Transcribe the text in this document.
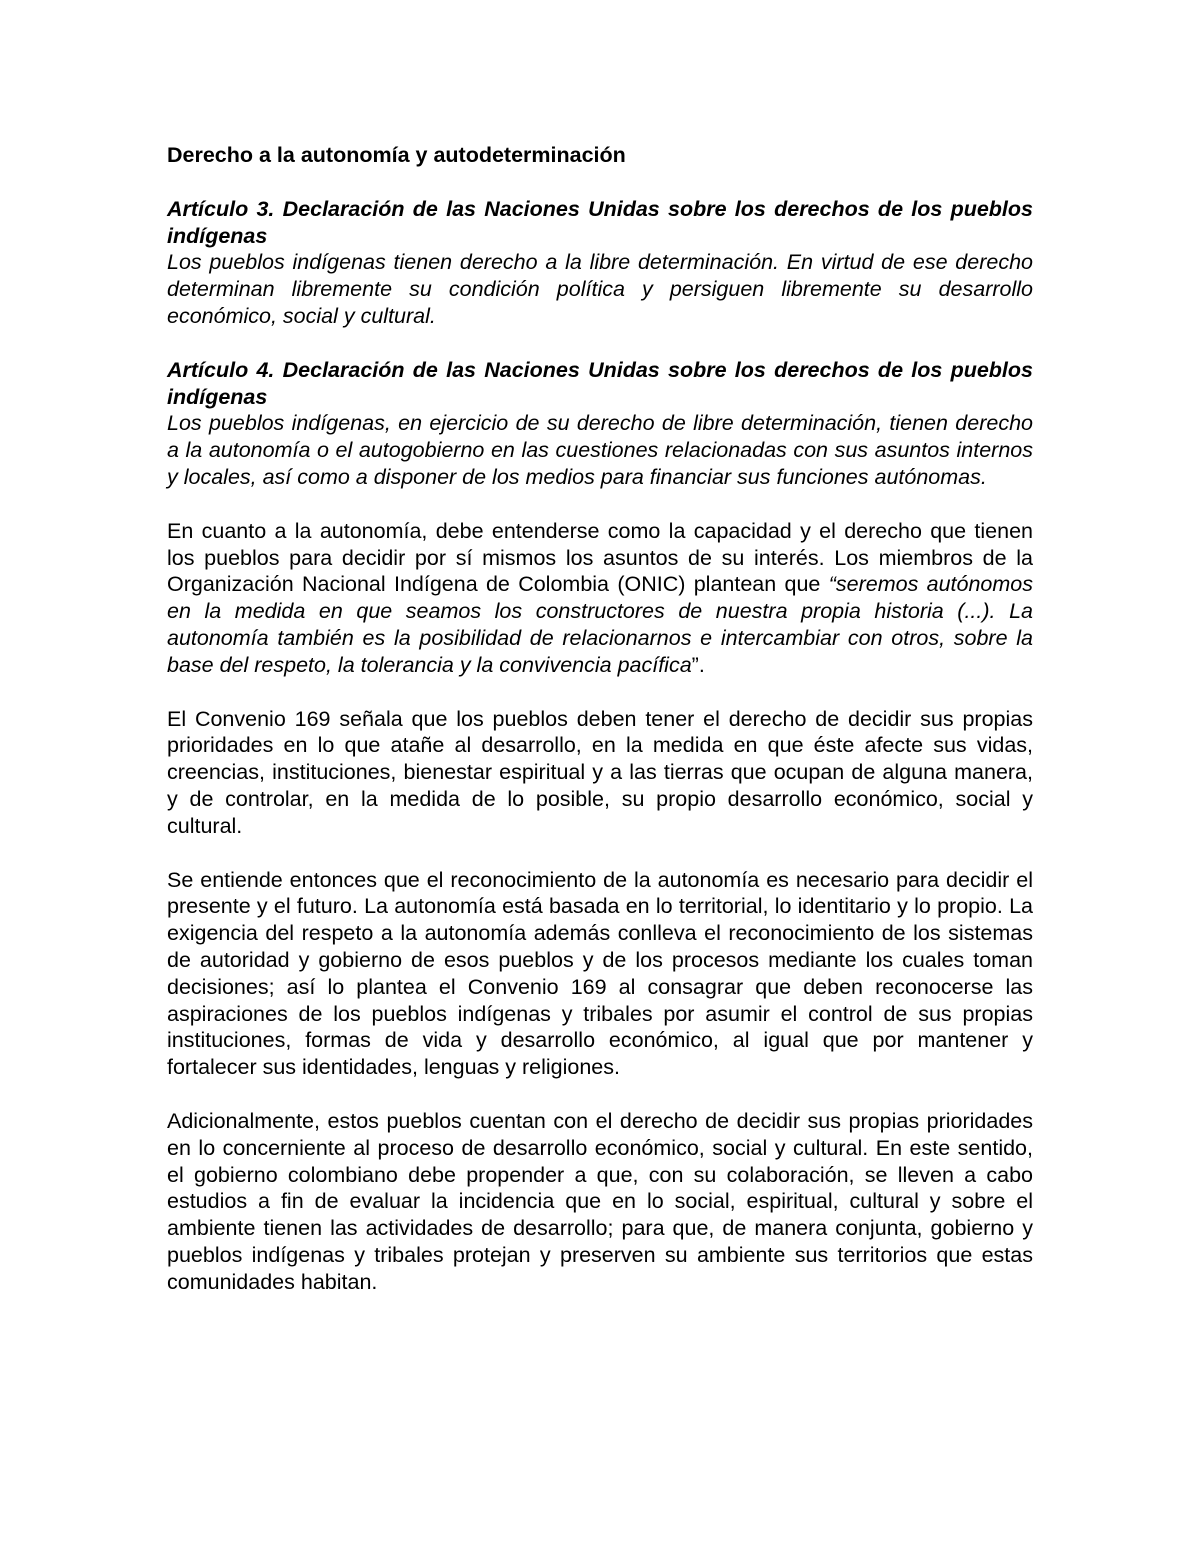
Derecho a la autonomía y autodeterminación
Artículo 3. Declaración de las Naciones Unidas sobre los derechos de los pueblos indígenas
Los pueblos indígenas tienen derecho a la libre determinación. En virtud de ese derecho determinan libremente su condición política y persiguen libremente su desarrollo económico, social y cultural.
Artículo 4. Declaración de las Naciones Unidas sobre los derechos de los pueblos indígenas
Los pueblos indígenas, en ejercicio de su derecho de libre determinación, tienen derecho a la autonomía o el autogobierno en las cuestiones relacionadas con sus asuntos internos y locales, así como a disponer de los medios para financiar sus funciones autónomas.
En cuanto a la autonomía, debe entenderse como la capacidad y el derecho que tienen los pueblos para decidir por sí mismos los asuntos de su interés. Los miembros de la Organización Nacional Indígena de Colombia (ONIC) plantean que “seremos autónomos en la medida en que seamos los constructores de nuestra propia historia (...). La autonomía también es la posibilidad de relacionarnos e intercambiar con otros, sobre la base del respeto, la tolerancia y la convivencia pacífica”.
El Convenio 169 señala que los pueblos deben tener el derecho de decidir sus propias prioridades en lo que atañe al desarrollo, en la medida en que éste afecte sus vidas, creencias, instituciones, bienestar espiritual y a las tierras que ocupan de alguna manera, y de controlar, en la medida de lo posible, su propio desarrollo económico, social y cultural.
Se entiende entonces que el reconocimiento de la autonomía es necesario para decidir el presente y el futuro. La autonomía está basada en lo territorial, lo identitario y lo propio. La exigencia del respeto a la autonomía además conlleva el reconocimiento de los sistemas de autoridad y gobierno de esos pueblos y de los procesos mediante los cuales toman decisiones; así lo plantea el Convenio 169 al consagrar que deben reconocerse las aspiraciones de los pueblos indígenas y tribales por asumir el control de sus propias instituciones, formas de vida y desarrollo económico, al igual que por mantener y fortalecer sus identidades, lenguas y religiones.
Adicionalmente, estos pueblos cuentan con el derecho de decidir sus propias prioridades en lo concerniente al proceso de desarrollo económico, social y cultural. En este sentido, el gobierno colombiano debe propender a que, con su colaboración, se lleven a cabo estudios a fin de evaluar la incidencia que en lo social, espiritual, cultural y sobre el ambiente tienen las actividades de desarrollo; para que, de manera conjunta, gobierno y pueblos indígenas y tribales protejan y preserven su ambiente sus territorios que estas comunidades habitan.
